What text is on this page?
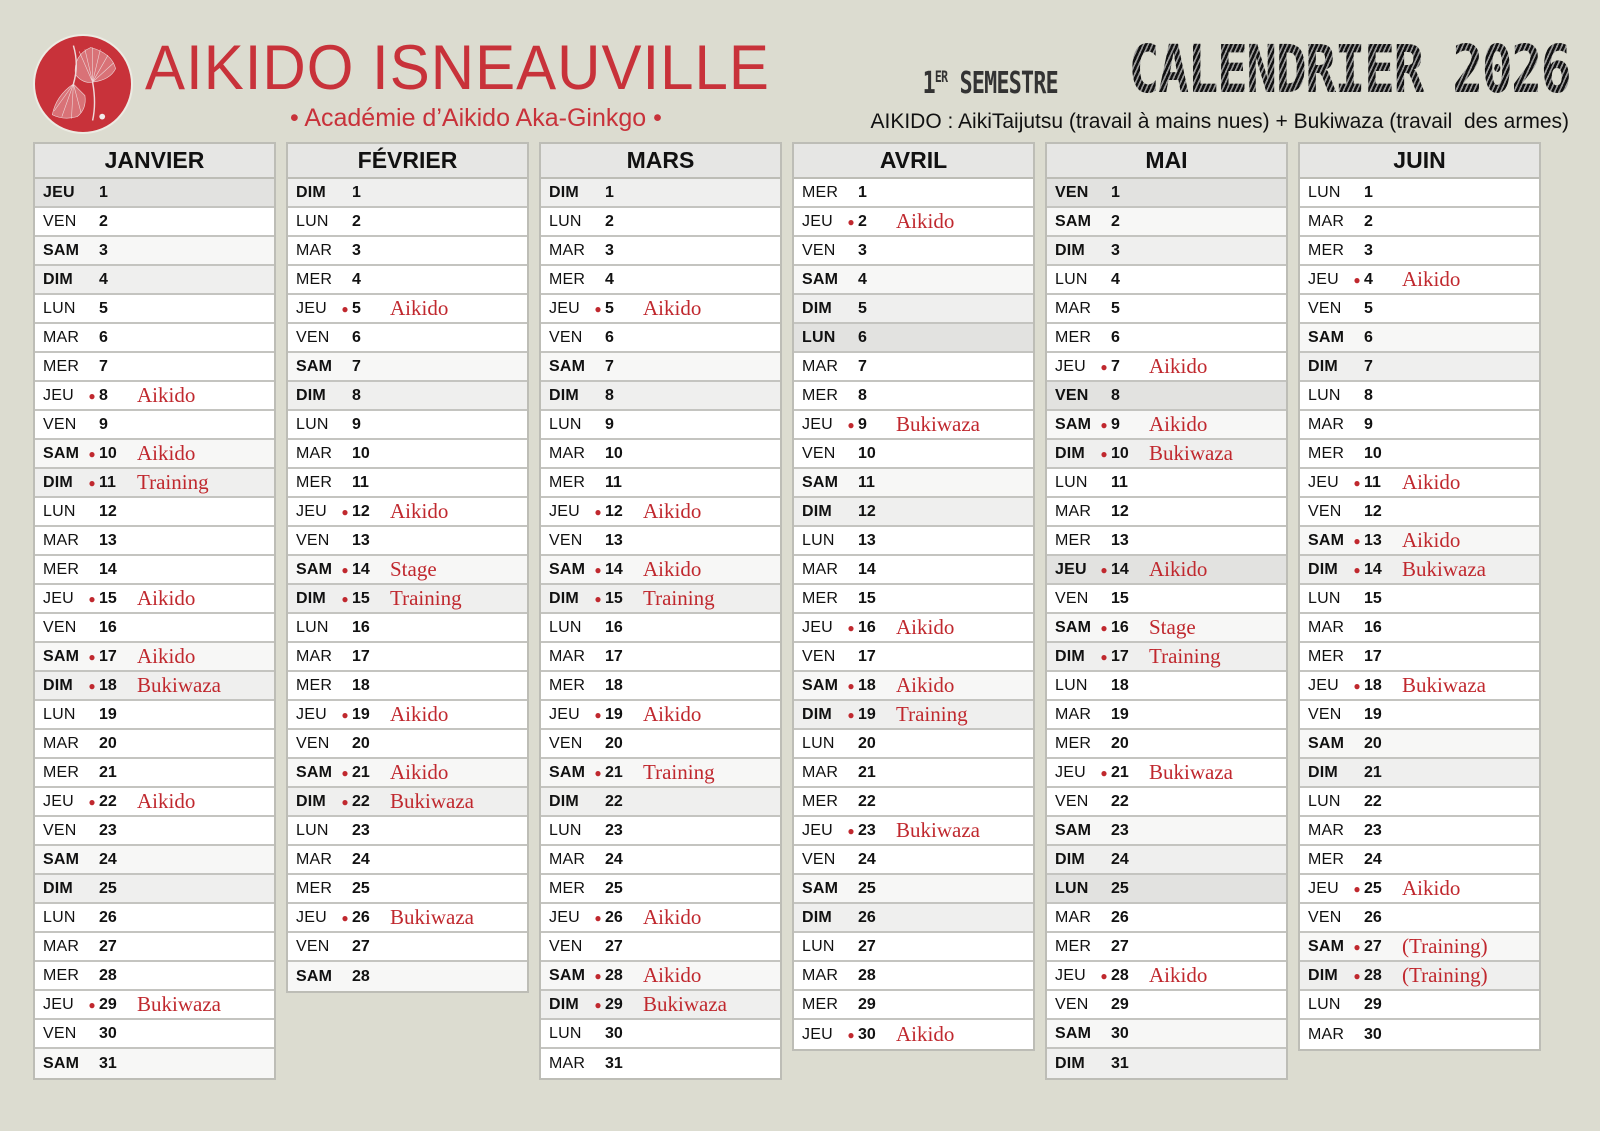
AIKIDO ISNEAUVILLE
• Académie d’Aikido Aka-Ginkgo •
1ER SEMESTRE CALENDRIER 2026
AIKIDO : AikiTaijutsu (travail à mains nues) + Bukiwaza (travail  des armes)
JANVIER
JEU	1
VEN	2
SAM	3
DIM	4
LUN	5
MAR	6
MER	7
JEU	● 8	Aikido
VEN	9
SAM ● 10 Aikido
DIM	● 11	Training
LUN	12
MAR	13
MER	14
JEU	● 15 Aikido
VEN	16
SAM ● 17 Aikido
DIM	● 18 Bukiwaza
LUN	19
MAR	20
MER	21
JEU	● 22 Aikido
VEN	23
SAM	24
DIM	25
LUN	26
MAR	27
MER	28
JEU	● 29 Bukiwaza
VEN	30
SAM	31
FÉVRIER
DIM	1
LUN	2
MAR	3
MER	4
JEU	● 5	Aikido
VEN	6
SAM	7
DIM	8
LUN	9
MAR	10
MER	11
JEU	● 12 Aikido
VEN	13
SAM ● 14 Stage
DIM	● 15 Training
LUN	16
MAR	17
MER	18
JEU	● 19 Aikido
VEN	20
SAM ● 21 Aikido
DIM	● 22 Bukiwaza
LUN	23
MAR	24
MER	25
JEU	● 26 Bukiwaza
VEN	27
SAM	28
MARS
DIM	1
LUN	2
MAR	3
MER	4
JEU	● 5	Aikido
VEN	6
SAM	7
DIM	8
LUN	9
MAR	10
MER	11
JEU	● 12 Aikido
VEN	13
SAM ● 14 Aikido
DIM	● 15 Training
LUN	16
MAR	17
MER	18
JEU	● 19 Aikido
VEN	20
SAM ● 21 Training
DIM	22
LUN	23
MAR	24
MER	25
JEU	● 26 Aikido
VEN	27
SAM ● 28 Aikido
DIM	● 29 Bukiwaza
LUN	30
MAR	31
AVRIL
MER	1
JEU	● 2	Aikido
VEN	3
SAM	4
DIM	5
LUN	6
MAR	7
MER	8
JEU	● 9	Bukiwaza
VEN	10
SAM	11
DIM	12
LUN	13
MAR	14
MER	15
JEU	● 16 Aikido
VEN	17
SAM ● 18 Aikido
DIM	● 19 Training
LUN	20
MAR	21
MER	22
JEU	● 23 Bukiwaza
VEN	24
SAM	25
DIM	26
LUN	27
MAR	28
MER	29
JEU	● 30 Aikido
MAI
VEN	1
SAM	2
DIM	3
LUN	4
MAR	5
MER	6
JEU	● 7	Aikido
VEN	8
SAM ● 9	Aikido
DIM	● 10 Bukiwaza
LUN	11
MAR	12
MER	13
JEU	● 14 Aikido
VEN	15
SAM ● 16 Stage
DIM	● 17 Training
LUN	18
MAR	19
MER	20
JEU	● 21 Bukiwaza
VEN	22
SAM	23
DIM	24
LUN	25
MAR	26
MER	27
JEU	● 28 Aikido
VEN	29
SAM	30
DIM	31
JUIN
LUN	1
MAR	2
MER	3
JEU	● 4	Aikido
VEN	5
SAM	6
DIM	7
LUN	8
MAR	9
MER	10
JEU	● 11	Aikido
VEN	12
SAM ● 13 Aikido
DIM	● 14 Bukiwaza
LUN	15
MAR	16
MER	17
JEU	● 18 Bukiwaza
VEN	19
SAM	20
DIM	21
LUN	22
MAR	23
MER	24
JEU	● 25 Aikido
VEN	26
SAM ● 27 (Training)
DIM	● 28 (Training)
LUN	29
MAR	30
